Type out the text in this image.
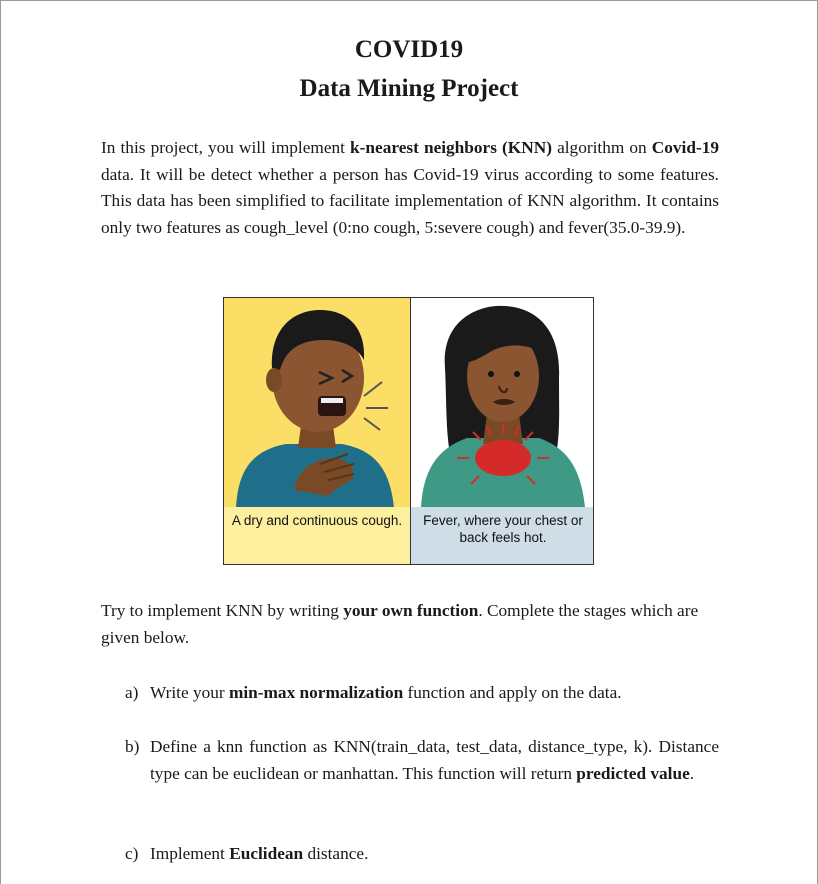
COVID19
Data Mining Project
In this project, you will implement k-nearest neighbors (KNN) algorithm on Covid-19 data. It will be detect whether a person has Covid-19 virus according to some features. This data has been simplified to facilitate implementation of KNN algorithm. It contains only two features as cough_level (0:no cough, 5:severe cough) and fever(35.0-39.9).
A dry and continuous cough.	Fever, where your chest or back feels hot.
Try to implement KNN by writing your own function. Complete the stages which are given below.
a) Write your min-max normalization function and apply on the data.
b) Define a knn function as KNN(train_data, test_data, distance_type, k). Distance type can be euclidean or manhattan. This function will return predicted value.
c) Implement Euclidean distance.
